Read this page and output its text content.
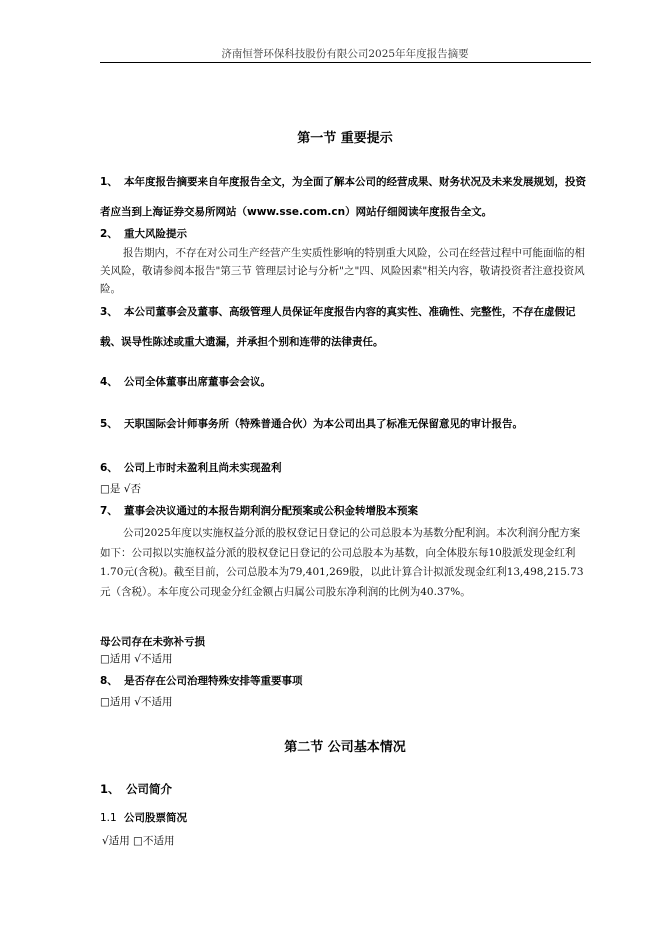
济南恒誉环保科技股份有限公司2025年年度报告摘要
第一节 重要提示
1、 本年度报告摘要来自年度报告全文，为全面了解本公司的经营成果、财务状况及未来发展规划，投资者应当到上海证券交易所网站（www.sse.com.cn）网站仔细阅读年度报告全文。
2、 重大风险提示
报告期内，不存在对公司生产经营产生实质性影响的特别重大风险，公司在经营过程中可能面临的相关风险，敬请参阅本报告"第三节 管理层讨论与分析"之"四、风险因素"相关内容，敬请投资者注意投资风险。
3、 本公司董事会及董事、高级管理人员保证年度报告内容的真实性、准确性、完整性，不存在虚假记载、误导性陈述或重大遗漏，并承担个别和连带的法律责任。
4、 公司全体董事出席董事会会议。
5、 天职国际会计师事务所（特殊普通合伙）为本公司出具了标准无保留意见的审计报告。
6、 公司上市时未盈利且尚未实现盈利
□是 √否
7、 董事会决议通过的本报告期利润分配预案或公积金转增股本预案
公司2025年度以实施权益分派的股权登记日登记的公司总股本为基数分配利润。本次利润分配方案如下：公司拟以实施权益分派的股权登记日登记的公司总股本为基数，向全体股东每10股派发现金红利1.70元(含税)。截至目前，公司总股本为79,401,269股，以此计算合计拟派发现金红利13,498,215.73元（含税）。本年度公司现金分红金额占归属公司股东净利润的比例为40.37%。
母公司存在未弥补亏损
□适用 √不适用
8、 是否存在公司治理特殊安排等重要事项
□适用 √不适用
第二节 公司基本情况
1、 公司简介
1.1 公司股票简况
√适用 □不适用
